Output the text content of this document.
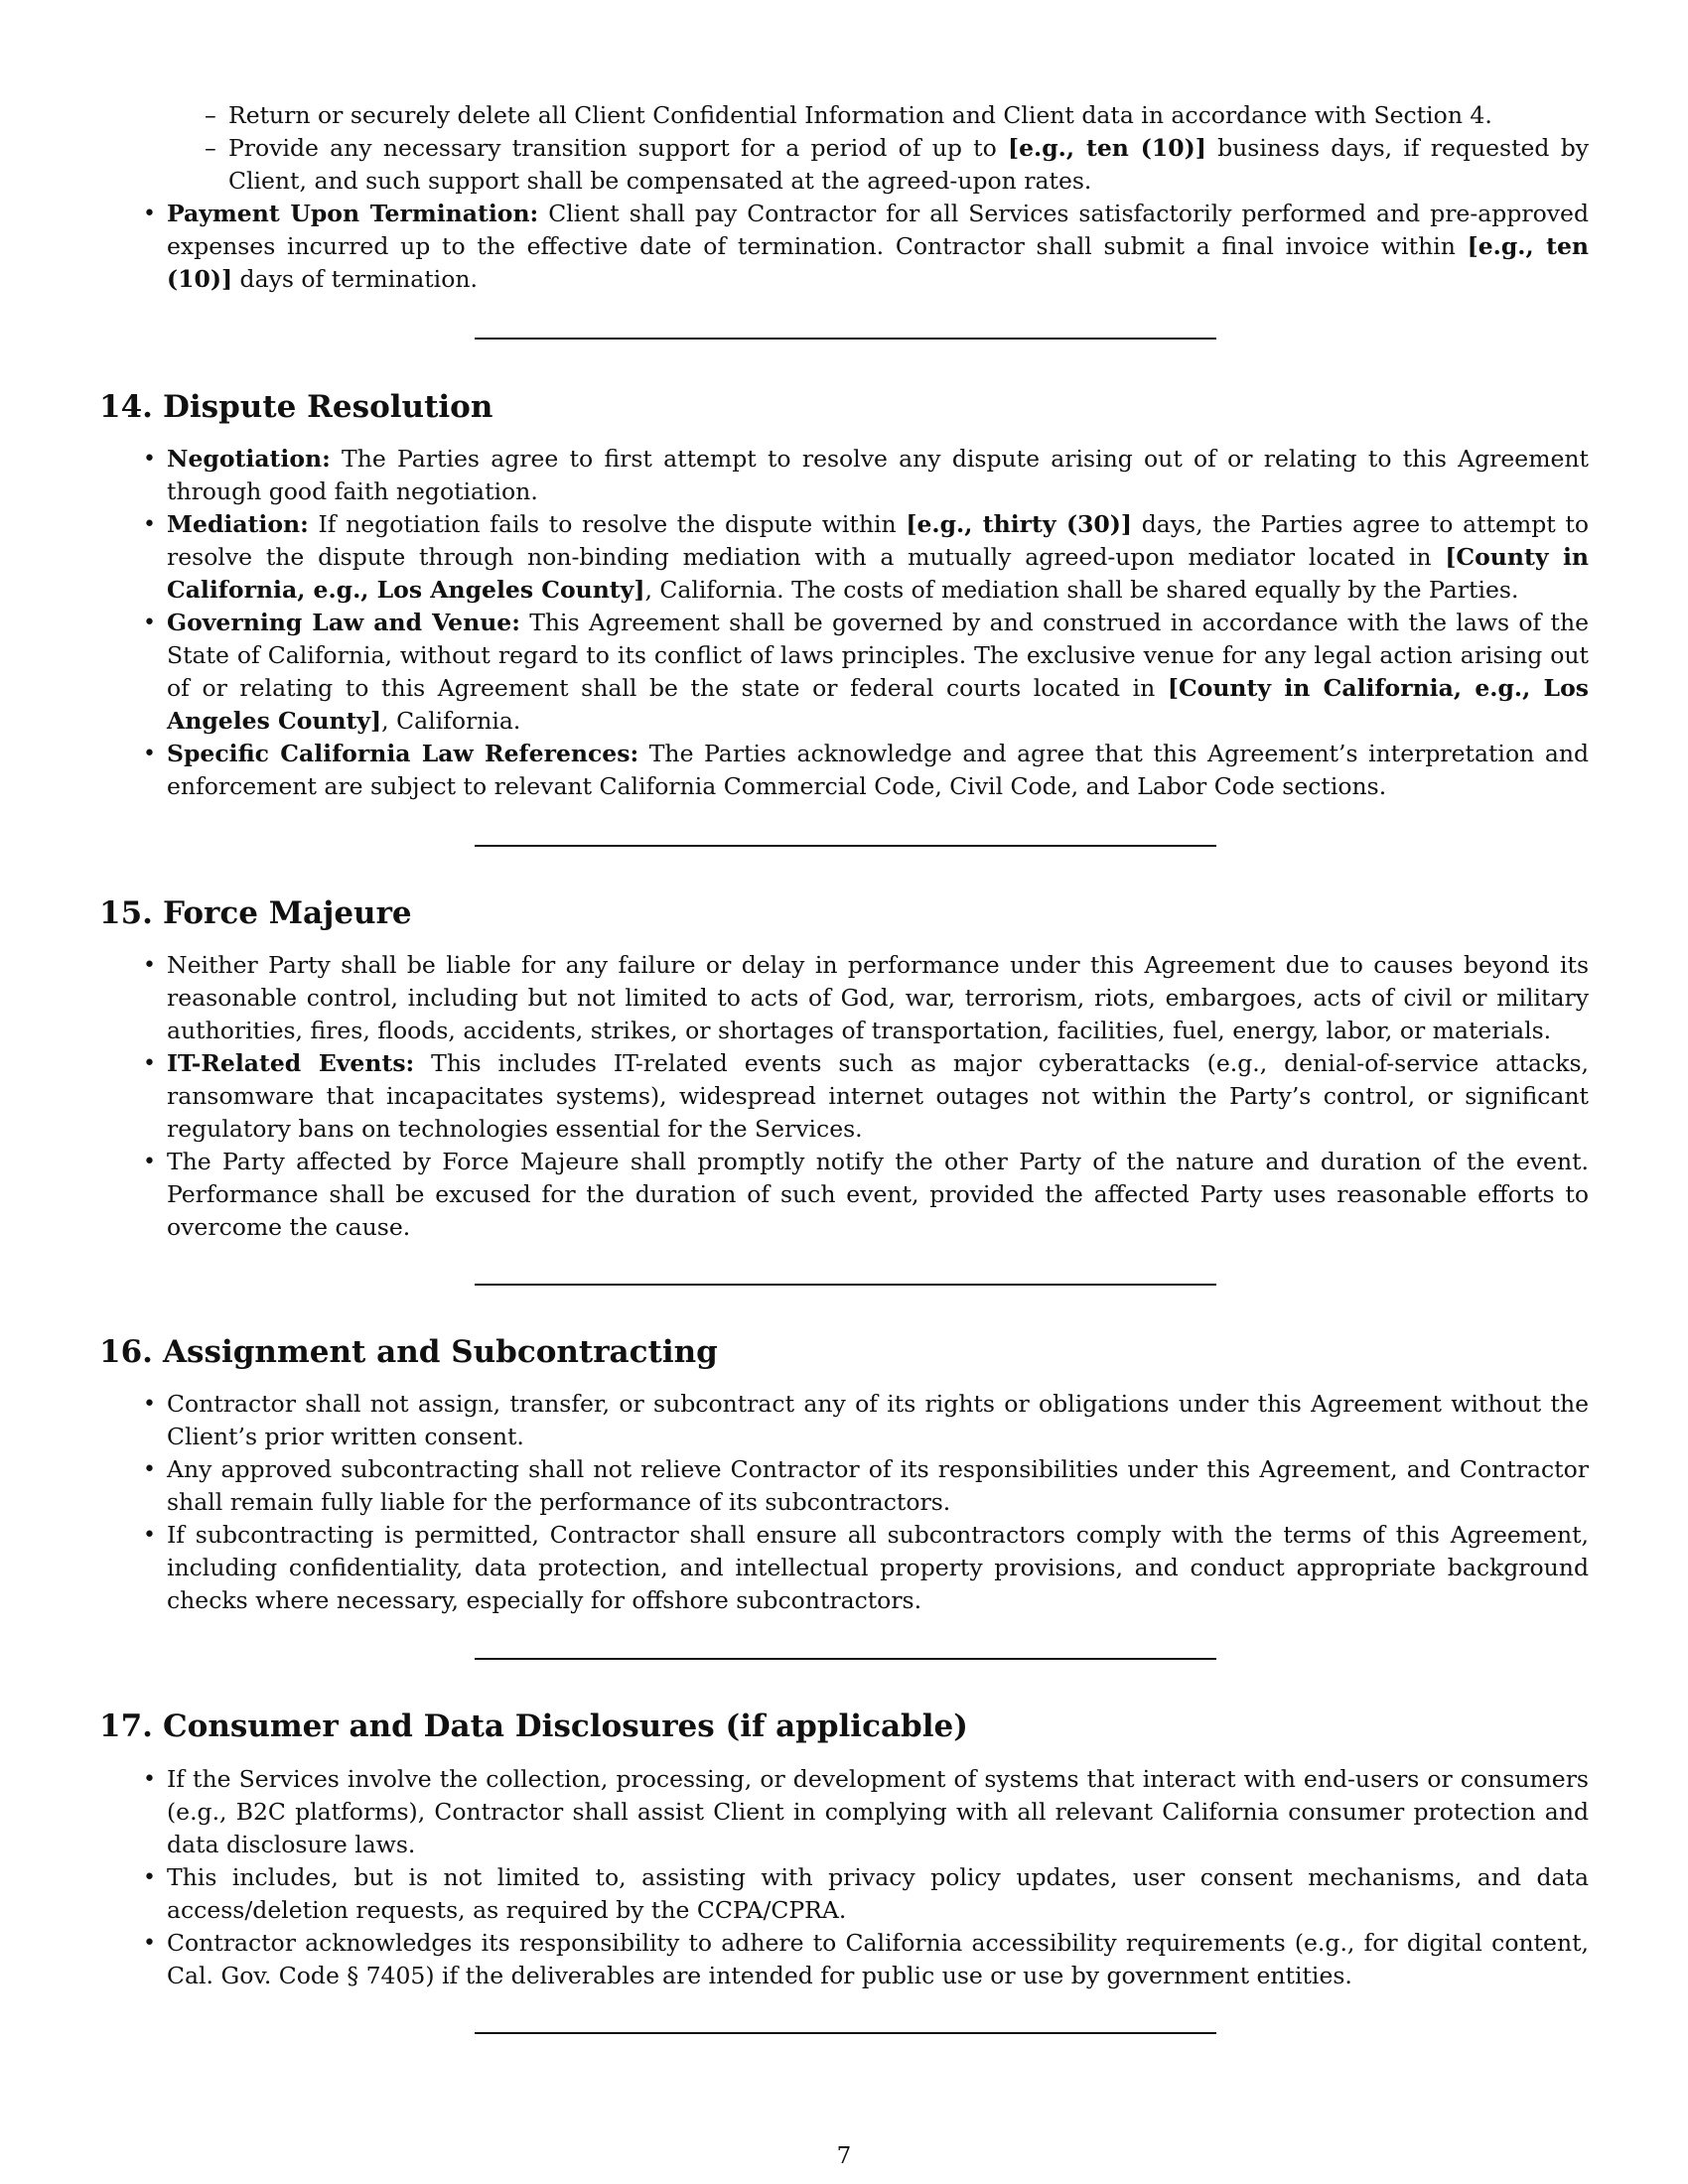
– Return or securely delete all Client Confidential Information and Client data in accordance with Section 4.
– Provide any necessary transition support for a period of up to [e.g., ten (10)] business days, if requested by Client, and such support shall be compensated at the agreed-upon rates.
• Payment Upon Termination: Client shall pay Contractor for all Services satisfactorily performed and pre-approved expenses incurred up to the effective date of termination. Contractor shall submit a final invoice within [e.g., ten (10)] days of termination.
14. Dispute Resolution
• Negotiation: The Parties agree to first attempt to resolve any dispute arising out of or relating to this Agreement through good faith negotiation.
• Mediation: If negotiation fails to resolve the dispute within [e.g., thirty (30)] days, the Parties agree to attempt to resolve the dispute through non-binding mediation with a mutually agreed-upon mediator located in [County in California, e.g., Los Angeles County], California. The costs of mediation shall be shared equally by the Parties.
• Governing Law and Venue: This Agreement shall be governed by and construed in accordance with the laws of the State of California, without regard to its conflict of laws principles. The exclusive venue for any legal action arising out of or relating to this Agreement shall be the state or federal courts located in [County in California, e.g., Los Angeles County], California.
• Specific California Law References: The Parties acknowledge and agree that this Agreement’s interpretation and enforcement are subject to relevant California Commercial Code, Civil Code, and Labor Code sections.
15. Force Majeure
• Neither Party shall be liable for any failure or delay in performance under this Agreement due to causes beyond its reasonable control, including but not limited to acts of God, war, terrorism, riots, embargoes, acts of civil or military authorities, fires, floods, accidents, strikes, or shortages of transportation, facilities, fuel, energy, labor, or materials.
• IT-Related Events: This includes IT-related events such as major cyberattacks (e.g., denial-of-service attacks, ransomware that incapacitates systems), widespread internet outages not within the Party’s control, or significant regulatory bans on technologies essential for the Services.
• The Party affected by Force Majeure shall promptly notify the other Party of the nature and duration of the event. Performance shall be excused for the duration of such event, provided the affected Party uses reasonable efforts to overcome the cause.
16. Assignment and Subcontracting
• Contractor shall not assign, transfer, or subcontract any of its rights or obligations under this Agreement without the Client’s prior written consent.
• Any approved subcontracting shall not relieve Contractor of its responsibilities under this Agreement, and Contractor shall remain fully liable for the performance of its subcontractors.
• If subcontracting is permitted, Contractor shall ensure all subcontractors comply with the terms of this Agreement, including confidentiality, data protection, and intellectual property provisions, and conduct appropriate background checks where necessary, especially for offshore subcontractors.
17. Consumer and Data Disclosures (if applicable)
• If the Services involve the collection, processing, or development of systems that interact with end-users or consumers (e.g., B2C platforms), Contractor shall assist Client in complying with all relevant California consumer protection and data disclosure laws.
• This includes, but is not limited to, assisting with privacy policy updates, user consent mechanisms, and data access/deletion requests, as required by the CCPA/CPRA.
• Contractor acknowledges its responsibility to adhere to California accessibility requirements (e.g., for digital content, Cal. Gov. Code § 7405) if the deliverables are intended for public use or use by government entities.
7
